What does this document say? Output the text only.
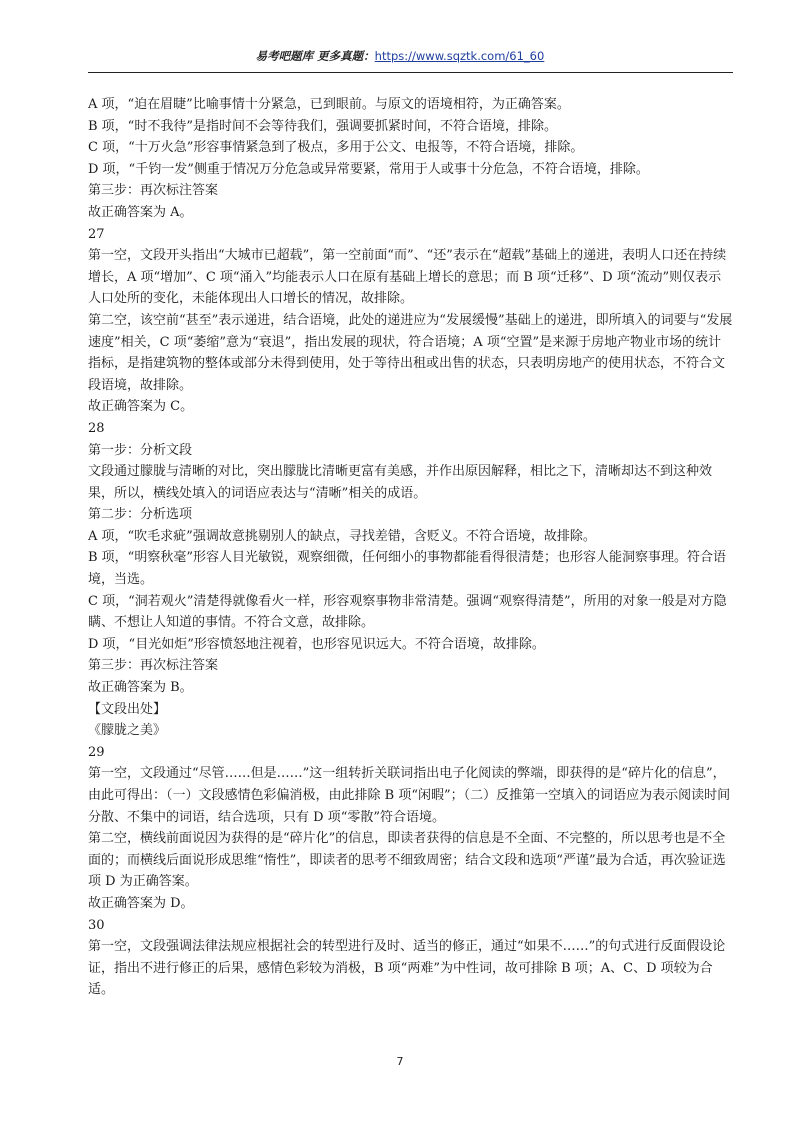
易考吧题库 更多真题：https://www.sqztk.com/61_60

A 项，“迫在眉睫”比喻事情十分紧急，已到眼前。与原文的语境相符，为正确答案。

B 项，“时不我待”是指时间不会等待我们，强调要抓紧时间，不符合语境，排除。

C 项，“十万火急”形容事情紧急到了极点，多用于公文、电报等，不符合语境，排除。

D 项，“千钧一发”侧重于情况万分危急或异常要紧，常用于人或事十分危急，不符合语境，排除。

第三步：再次标注答案

故正确答案为 A。

27

第一空，文段开头指出“大城市已超载”，第一空前面“而”、“还”表示在“超载”基础上的递进，表明人口还在持续增长，A 项“增加”、C 项“涌入”均能表示人口在原有基础上增长的意思；而 B 项“迁移”、D 项“流动”则仅表示人口处所的变化，未能体现出人口增长的情况，故排除。

第二空，该空前“甚至”表示递进，结合语境，此处的递进应为“发展缓慢”基础上的递进，即所填入的词要与“发展速度”相关，C 项“萎缩”意为“衰退”，指出发展的现状，符合语境；A 项“空置”是来源于房地产物业市场的统计指标，是指建筑物的整体或部分未得到使用，处于等待出租或出售的状态，只表明房地产的使用状态，不符合文段语境，故排除。

故正确答案为 C。

28

第一步：分析文段

文段通过朦胧与清晰的对比，突出朦胧比清晰更富有美感，并作出原因解释，相比之下，清晰却达不到这种效果，所以，横线处填入的词语应表达与“清晰”相关的成语。

第二步：分析选项

A 项，“吹毛求疵”强调故意挑剔别人的缺点，寻找差错，含贬义。不符合语境，故排除。

B 项，“明察秋毫”形容人目光敏锐，观察细微，任何细小的事物都能看得很清楚；也形容人能洞察事理。符合语境，当选。

C 项，“洞若观火”清楚得就像看火一样，形容观察事物非常清楚。强调“观察得清楚”，所用的对象一般是对方隐瞒、不想让人知道的事情。不符合文意，故排除。

D 项，“目光如炬”形容愤怒地注视着，也形容见识远大。不符合语境，故排除。

第三步：再次标注答案

故正确答案为 B。

【文段出处】

《朦胧之美》

29

第一空，文段通过“尽管……但是……”这一组转折关联词指出电子化阅读的弊端，即获得的是“碎片化的信息”，由此可得出：（一）文段感情色彩偏消极，由此排除 B 项“闲暇”；（二）反推第一空填入的词语应为表示阅读时间分散、不集中的词语，结合选项，只有 D 项“零散”符合语境。

第二空，横线前面说因为获得的是“碎片化”的信息，即读者获得的信息是不全面、不完整的，所以思考也是不全面的；而横线后面说形成思维“惰性”，即读者的思考不细致周密；结合文段和选项“严谨”最为合适，再次验证选项 D 为正确答案。

故正确答案为 D。

30

第一空，文段强调法律法规应根据社会的转型进行及时、适当的修正，通过“如果不……”的句式进行反面假设论证，指出不进行修正的后果，感情色彩较为消极，B 项“两难”为中性词，故可排除 B 项；A、C、D 项较为合适。

7
